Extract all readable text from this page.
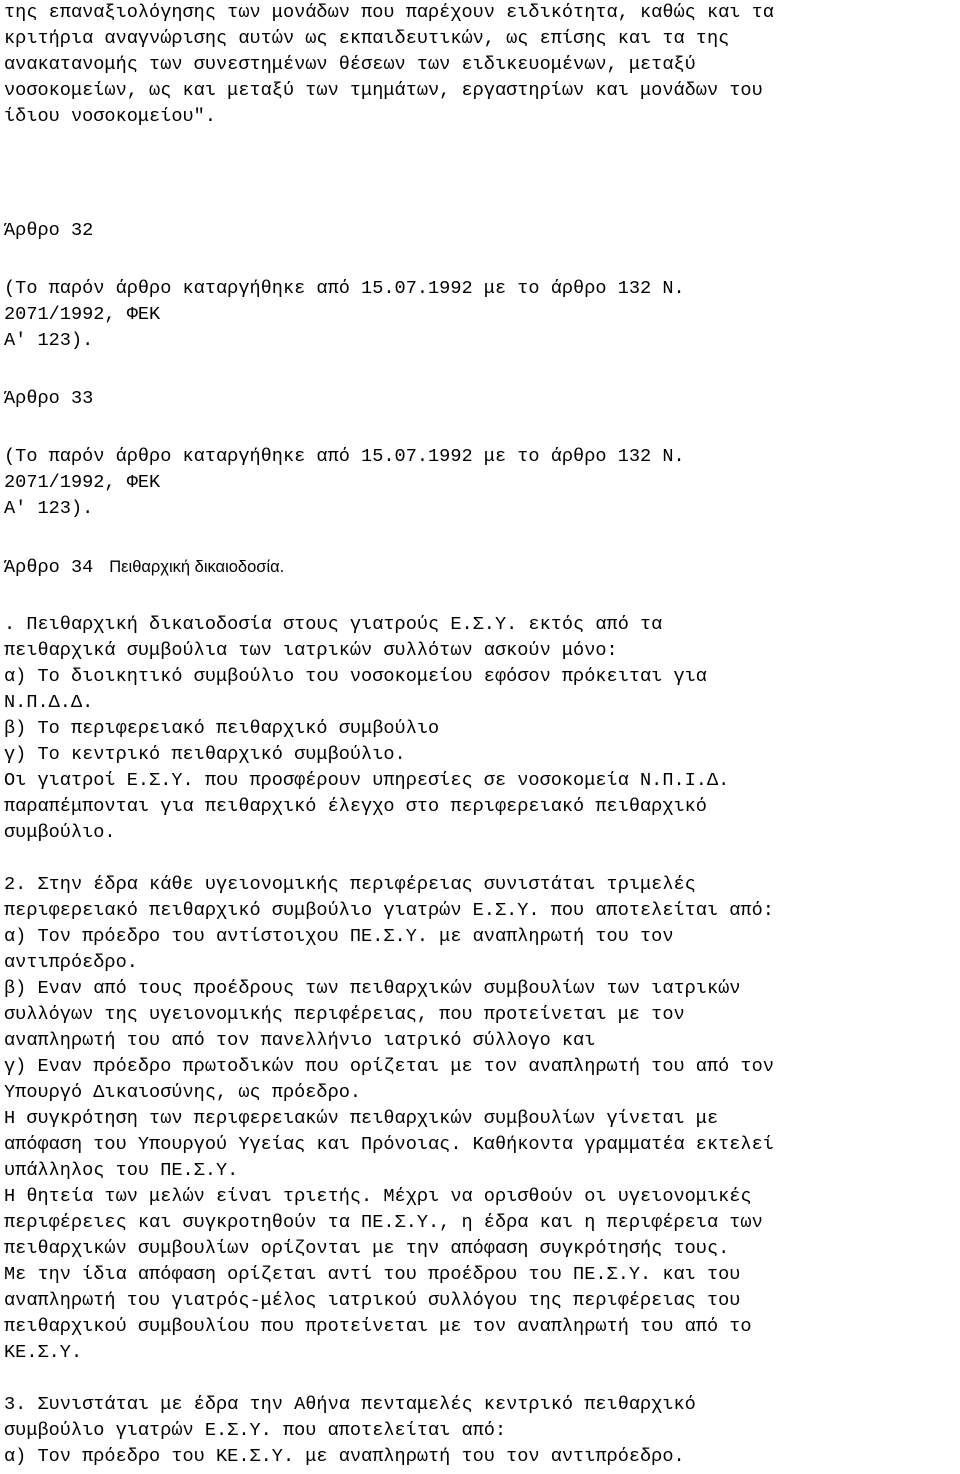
της επαναξιολόγησης των μονάδων που παρέχουν ειδικότητα, καθώς και τα
κριτήρια αναγνώρισης αυτών ως εκπαιδευτικών, ως επίσης και τα της
ανακατανομής των συνεστημένων θέσεων των ειδικευομένων, μεταξύ
νοσοκομείων, ως και μεταξύ των τμημάτων, εργαστηρίων και μονάδων του
ίδιου νοσοκομείου".
Άρθρο 32
(Το παρόν άρθρο καταργήθηκε από 15.07.1992 με το άρθρο 132 Ν.
2071/1992, ΦΕΚ
Α' 123).
Άρθρο 33
(Το παρόν άρθρο καταργήθηκε από 15.07.1992 με το άρθρο 132 Ν.
2071/1992, ΦΕΚ
Α' 123).
Άρθρο 34 Πειθαρχική δικαιοδοσία.
. Πειθαρχική δικαιοδοσία στους γιατρούς Ε.Σ.Υ. εκτός από τα
πειθαρχικά συμβούλια των ιατρικών συλλότων ασκούν μόνο:
α) Το διοικητικό συμβούλιο του νοσοκομείου εφόσον πρόκειται για
Ν.Π.Δ.Δ.
β) Το περιφερειακό πειθαρχικό συμβούλιο
γ) Το κεντρικό πειθαρχικό συμβούλιο.
Οι γιατροί Ε.Σ.Υ. που προσφέρουν υπηρεσίες σε νοσοκομεία Ν.Π.Ι.Δ.
παραπέμπονται για πειθαρχικό έλεγχο στο περιφερειακό πειθαρχικό
συμβούλιο.
2. Στην έδρα κάθε υγειονομικής περιφέρειας συνιστάται τριμελές
περιφερειακό πειθαρχικό συμβούλιο γιατρών Ε.Σ.Υ. που αποτελείται από:
α) Τον πρόεδρο του αντίστοιχου ΠΕ.Σ.Υ. με αναπληρωτή του τον
αντιπρόεδρο.
β) Εναν από τους προέδρους των πειθαρχικών συμβουλίων των ιατρικών
συλλόγων της υγειονομικής περιφέρειας, που προτείνεται με τον
αναπληρωτή του από τον πανελλήνιο ιατρικό σύλλογο και
γ) Εναν πρόεδρο πρωτοδικών που ορίζεται με τον αναπληρωτή του από τον
Υπουργό Δικαιοσύνης, ως πρόεδρο.
Η συγκρότηση των περιφερειακών πειθαρχικών συμβουλίων γίνεται με
απόφαση του Υπουργού Υγείας και Πρόνοιας. Καθήκοντα γραμματέα εκτελεί
υπάλληλος του ΠΕ.Σ.Υ.
Η θητεία των μελών είναι τριετής. Μέχρι να ορισθούν οι υγειονομικές
περιφέρειες και συγκροτηθούν τα ΠΕ.Σ.Υ., η έδρα και η περιφέρεια των
πειθαρχικών συμβουλίων ορίζονται με την απόφαση συγκρότησής τους.
Με την ίδια απόφαση ορίζεται αντί του προέδρου του ΠΕ.Σ.Υ. και του
αναπληρωτή του γιατρός-μέλος ιατρικού συλλόγου της περιφέρειας του
πειθαρχικού συμβουλίου που προτείνεται με τον αναπληρωτή του από το
ΚΕ.Σ.Υ.
3. Συνιστάται με έδρα την Αθήνα πενταμελές κεντρικό πειθαρχικό
συμβούλιο γιατρών Ε.Σ.Υ. που αποτελείται από:
α) Τον πρόεδρο του ΚΕ.Σ.Υ. με αναπληρωτή του τον αντιπρόεδρο.
